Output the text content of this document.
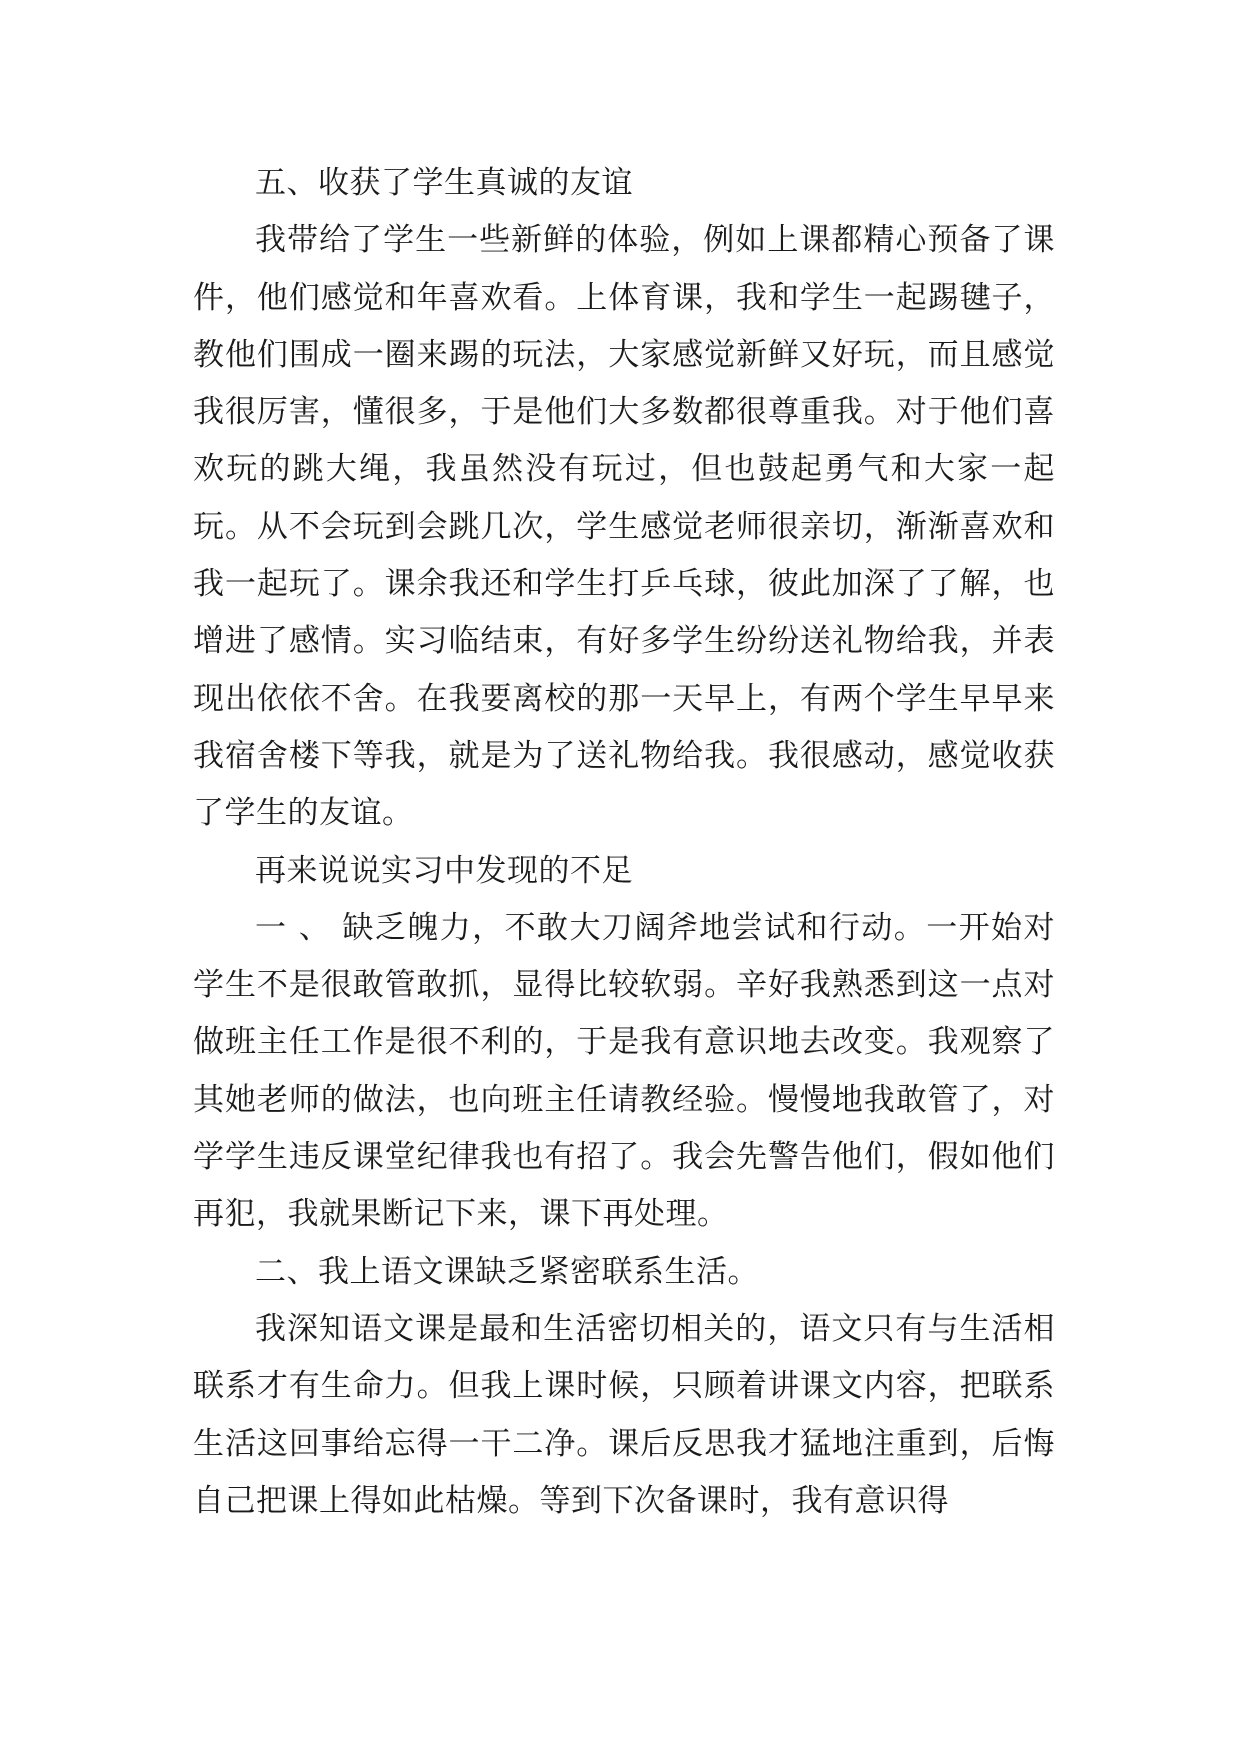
五、收获了学生真诚的友谊

我带给了学生一些新鲜的体验，例如上课都精心预备了课件，他们感觉和年喜欢看。上体育课，我和学生一起踢毽子，教他们围成一圈来踢的玩法，大家感觉新鲜又好玩，而且感觉我很厉害，懂很多，于是他们大多数都很尊重我。对于他们喜欢玩的跳大绳，我虽然没有玩过，但也鼓起勇气和大家一起玩。从不会玩到会跳几次，学生感觉老师很亲切，渐渐喜欢和我一起玩了。课余我还和学生打乒乓球，彼此加深了了解，也增进了感情。实习临结束，有好多学生纷纷送礼物给我，并表现出依依不舍。在我要离校的那一天早上，有两个学生早早来我宿舍楼下等我，就是为了送礼物给我。我很感动，感觉收获了学生的友谊。

再来说说实习中发现的不足

一 、 缺乏魄力，不敢大刀阔斧地尝试和行动。一开始对学生不是很敢管敢抓，显得比较软弱。辛好我熟悉到这一点对做班主任工作是很不利的，于是我有意识地去改变。我观察了其她老师的做法，也向班主任请教经验。慢慢地我敢管了，对学学生违反课堂纪律我也有招了。我会先警告他们，假如他们再犯，我就果断记下来，课下再处理。

二、我上语文课缺乏紧密联系生活。

我深知语文课是最和生活密切相关的，语文只有与生活相联系才有生命力。但我上课时候，只顾着讲课文内容，把联系生活这回事给忘得一干二净。课后反思我才猛地注重到，后悔自己把课上得如此枯燥。等到下次备课时，我有意识得
